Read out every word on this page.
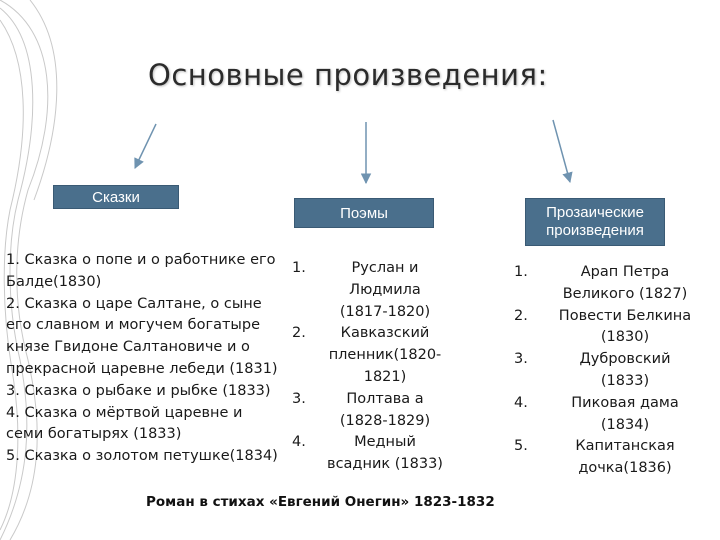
Основные произведения:
Сказки
Поэмы	Прозаические
произведения
1. Сказка о попе и о работнике его
Балде(1830)
2. Сказка о царе Салтане, о сыне
его славном и могучем богатыре
князе Гвидоне Салтановиче и о
прекрасной царевне лебеди (1831)
3. Сказка о рыбаке и рыбке (1833)
4. Сказка о мёртвой царевне и
семи богатырях (1833)
5. Сказка о золотом петушке(1834)
1.	Руслан и
Людмила
(1817-1820)
2.	Кавказский
пленник(1820-
1821)
3.	Полтава а
(1828-1829)
4.	Медный
всадник (1833)
1.	Арап Петра
Великого (1827)
2.	Повести Белкина
(1830)
3.	Дубровский
(1833)
4.	Пиковая дама
(1834)
5.	Капитанская
дочка(1836)
Роман в стихах «Евгений Онегин» 1823-1832
